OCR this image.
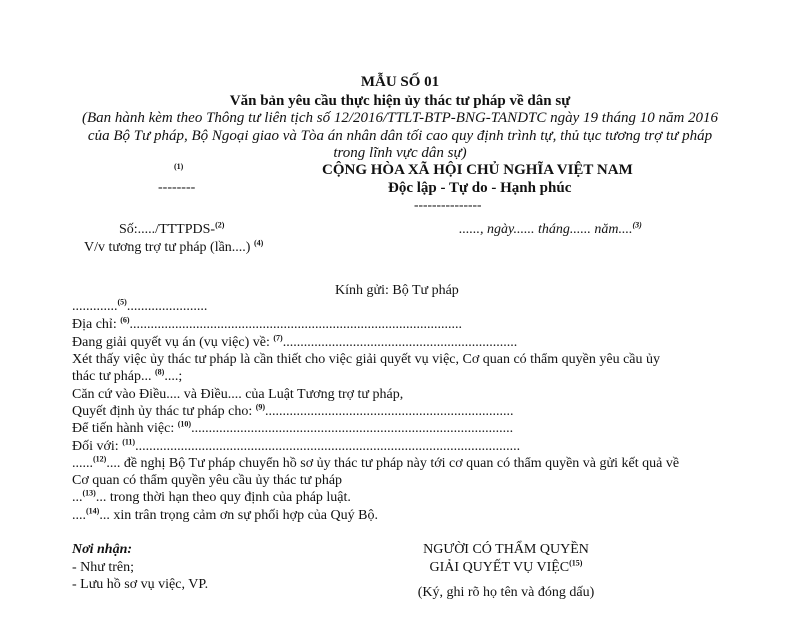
MẪU SỐ 01
Văn bản yêu cầu thực hiện ủy thác tư pháp về dân sự
(Ban hành kèm theo Thông tư liên tịch số 12/2016/TTLT-BTP-BNG-TANDTC ngày 19 tháng 10 năm 2016
của Bộ Tư pháp, Bộ Ngoại giao và Tòa án nhân dân tối cao quy định trình tự, thủ tục tương trợ tư pháp
trong lĩnh vực dân sự)
(1)
--------
CỘNG HÒA XÃ HỘI CHỦ NGHĨA VIỆT NAM
Độc lập - Tự do - Hạnh phúc
---------------
Số:...../TTTPDS-$^{(2)}$	......, ngày...... tháng...... năm....$^{(3)}$
V/v tương trợ tư pháp (lần....) $^{(4)}$
Kính gửi: Bộ Tư pháp
.............$^{(5)}$.......................
Địa chỉ: $^{(6)}$...............................................................................................
Đang giải quyết vụ án (vụ việc) về: $^{(7)}$...................................................................
Xét thấy việc ủy thác tư pháp là cần thiết cho việc giải quyết vụ việc, Cơ quan có thẩm quyền yêu cầu ủy
thác tư pháp... $^{(8)}$....;
Căn cứ vào Điều.... và Điều.... của Luật Tương trợ tư pháp,
Quyết định ủy thác tư pháp cho: $^{(9)}$.......................................................................
Để tiến hành việc: $^{(10)}$............................................................................................
Đối với: $^{(11)}$..............................................................................................................
......$^{(12)}$.... đề nghị Bộ Tư pháp chuyển hồ sơ ủy thác tư pháp này tới cơ quan có thẩm quyền và gửi kết quả về
Cơ quan có thẩm quyền yêu cầu ủy thác tư pháp
...$^{(13)}$... trong thời hạn theo quy định của pháp luật.
....$^{(14)}$... xin trân trọng cảm ơn sự phối hợp của Quý Bộ.
Nơi nhận:
- Như trên;
- Lưu hồ sơ vụ việc, VP.
NGƯỜI CÓ THẨM QUYỀN
GIẢI QUYẾT VỤ VIỆC$^{(15)}$
(Ký, ghi rõ họ tên và đóng dấu)
